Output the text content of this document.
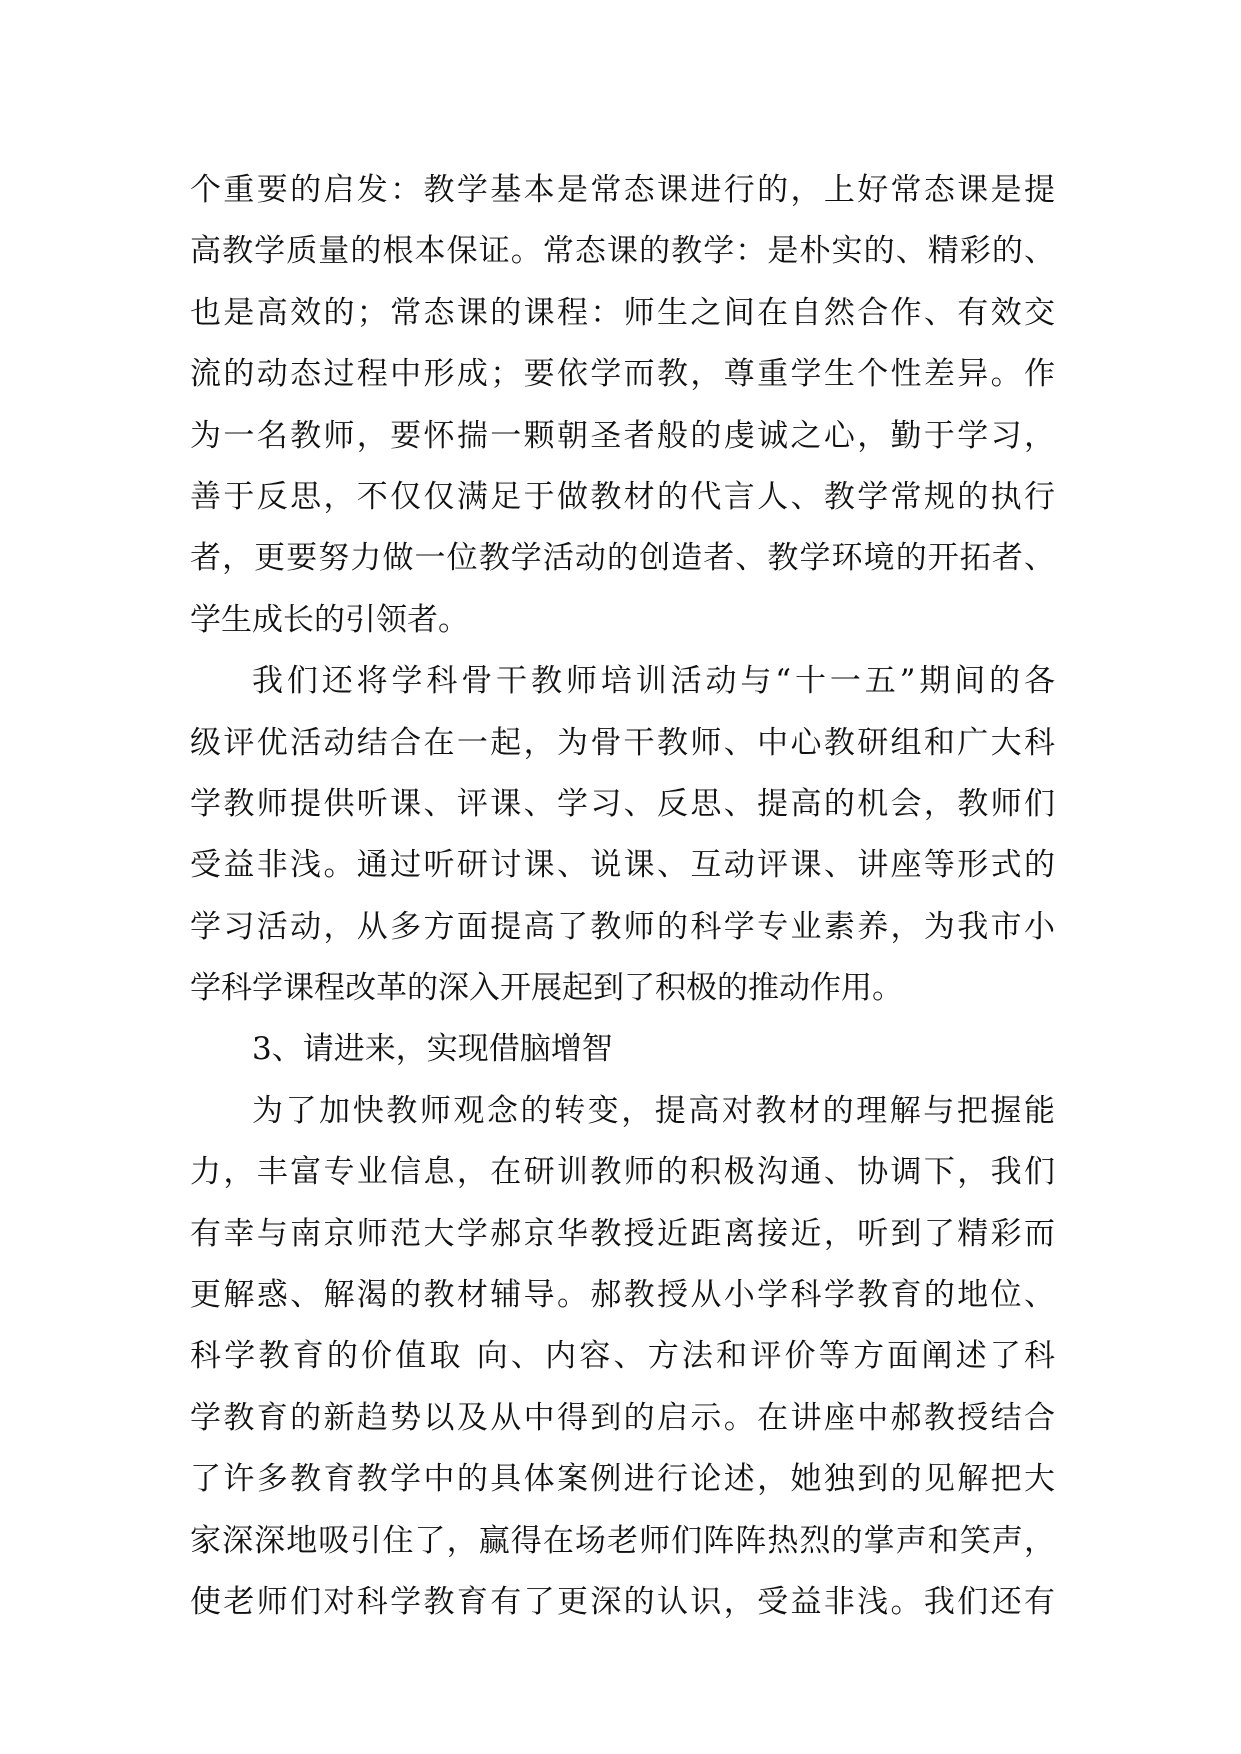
个重要的启发：教学基本是常态课进行的，上好常态课是提
高教学质量的根本保证。常态课的教学：是朴实的、精彩的、
也是高效的；常态课的课程：师生之间在自然合作、有效交
流的动态过程中形成；要依学而教，尊重学生个性差异。作
为一名教师，要怀揣一颗朝圣者般的虔诚之心，勤于学习，
善于反思，不仅仅满足于做教材的代言人、教学常规的执行
者，更要努力做一位教学活动的创造者、教学环境的开拓者、
学生成长的引领者。
我们还将学科骨干教师培训活动与“十一五”期间的各
级评优活动结合在一起，为骨干教师、中心教研组和广大科
学教师提供听课、评课、学习、反思、提高的机会，教师们
受益非浅。通过听研讨课、说课、互动评课、讲座等形式的
学习活动，从多方面提高了教师的科学专业素养，为我市小
学科学课程改革的深入开展起到了积极的推动作用。
3、请进来，实现借脑增智
为了加快教师观念的转变，提高对教材的理解与把握能
力，丰富专业信息，在研训教师的积极沟通、协调下，我们
有幸与南京师范大学郝京华教授近距离接近，听到了精彩而
更解惑、解渴的教材辅导。郝教授从小学科学教育的地位、
科学教育的价值取 向、内容、方法和评价等方面阐述了科
学教育的新趋势以及从中得到的启示。在讲座中郝教授结合
了许多教育教学中的具体案例进行论述，她独到的见解把大
家深深地吸引住了，赢得在场老师们阵阵热烈的掌声和笑声，
使老师们对科学教育有了更深的认识，受益非浅。我们还有
